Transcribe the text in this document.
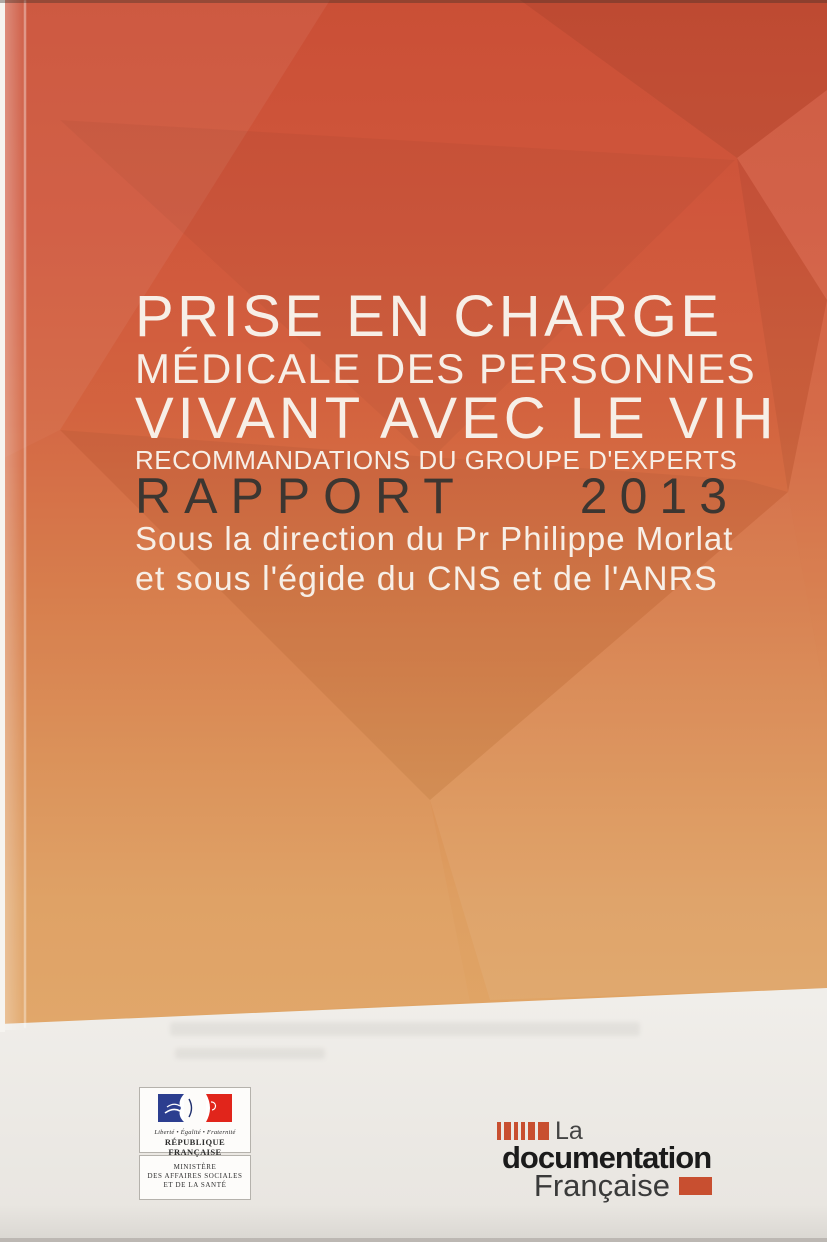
PRISE EN CHARGE
MÉDICALE DES PERSONNES
VIVANT AVEC LE VIH
RECOMMANDATIONS DU GROUPE D'EXPERTS
RAPPORT 2013
Sous la direction du Pr Philippe Morlat
et sous l'égide du CNS et de l'ANRS
Liberté • Égalité • Fraternité
RÉPUBLIQUE FRANÇAISE
MINISTÈRE
DES AFFAIRES SOCIALES
ET DE LA SANTÉ
La
documentation
Française
